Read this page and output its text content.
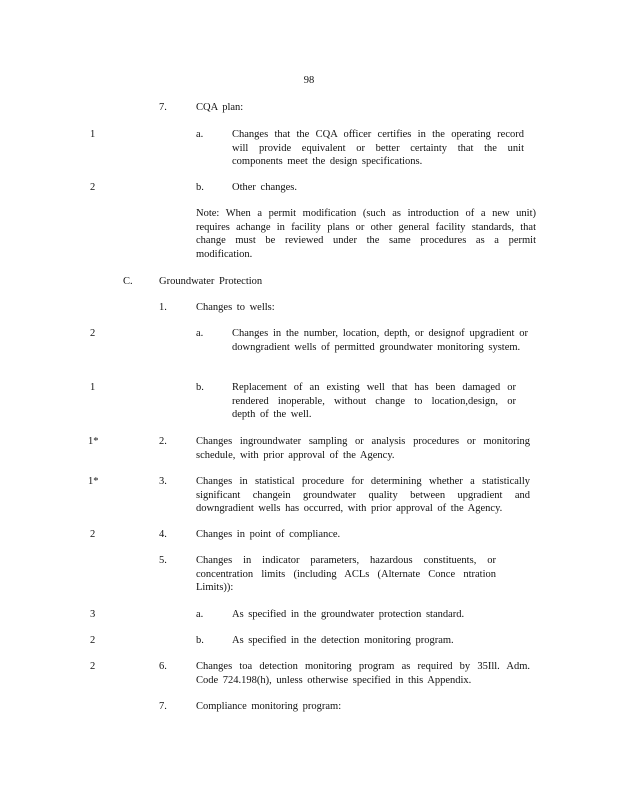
98
7.	CQA plan:
1	a.	Changes that the CQA officer certifies in the operating record will provide equivalent or better certainty that the unit components meet the design specifications.
2	b.	Other changes.
Note: When a permit modification (such as introduction of a new unit) requires achange in facility plans or other general facility standards, that change must be reviewed under the same procedures as a permit modification.
C.	Groundwater Protection
1.	Changes to wells:
2	a.	Changes in the number, location, depth, or designof upgradient or downgradient wells of permitted groundwater monitoring system.
1	b.	Replacement of an existing well that has been damaged or rendered inoperable, without change to location,design, or depth of the well.
1*	2.	Changes ingroundwater sampling or analysis procedures or monitoring schedule, with prior approval of the Agency.
1*	3.	Changes in statistical procedure for determining whether a statistically significant changein groundwater quality between upgradient and downgradient wells has occurred, with prior approval of the Agency.
2	4.	Changes in point of compliance.
5.	Changes in indicator parameters, hazardous constituents, or concentration limits (including ACLs (Alternate Conce ntration Limits)):
3	a.	As specified in the groundwater protection standard.
2	b.	As specified in the detection monitoring program.
2	6.	Changes toa detection monitoring program as required by 35Ill. Adm. Code 724.198(h), unless otherwise specified in this Appendix.
7.	Compliance monitoring program:
